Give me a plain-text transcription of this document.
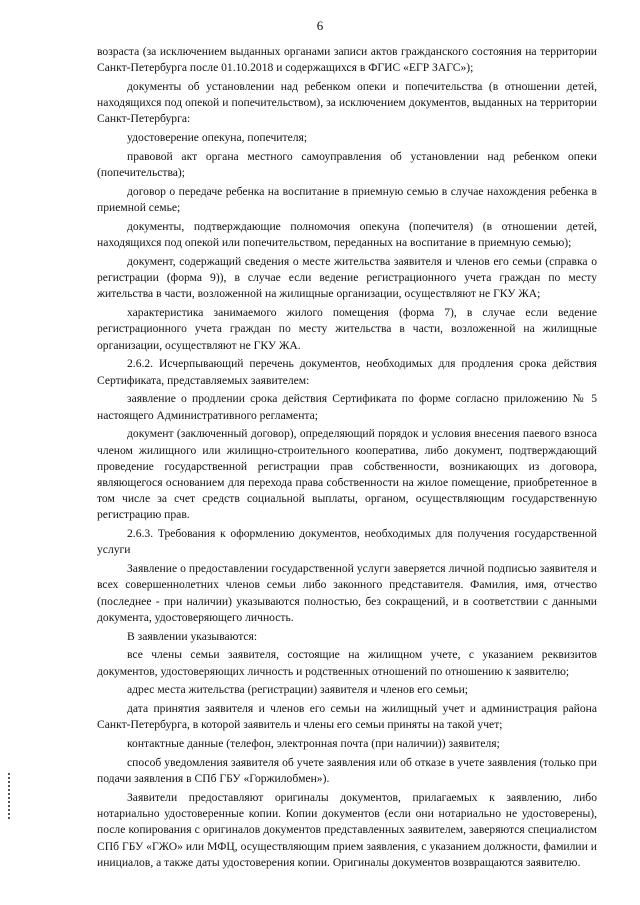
6

возраста (за исключением выданных органами записи актов гражданского состояния на территории Санкт-Петербурга после 01.10.2018 и содержащихся в ФГИС «ЕГР ЗАГС»);

документы об установлении над ребенком опеки и попечительства (в отношении детей, находящихся под опекой и попечительством), за исключением документов, выданных на территории Санкт-Петербурга:

удостоверение опекуна, попечителя;

правовой акт органа местного самоуправления об установлении над ребенком опеки (попечительства);

договор о передаче ребенка на воспитание в приемную семью в случае нахождения ребенка в приемной семье;

документы, подтверждающие полномочия опекуна (попечителя) (в отношении детей, находящихся под опекой или попечительством, переданных на воспитание в приемную семью);

документ, содержащий сведения о месте жительства заявителя и членов его семьи (справка о регистрации (форма 9)), в случае если ведение регистрационного учета граждан по месту жительства в части, возложенной на жилищные организации, осуществляют не ГКУ ЖА;

характеристика занимаемого жилого помещения (форма 7), в случае если ведение регистрационного учета граждан по месту жительства в части, возложенной на жилищные организации, осуществляют не ГКУ ЖА.

2.6.2. Исчерпывающий перечень документов, необходимых для продления срока действия Сертификата, представляемых заявителем:

заявление о продлении срока действия Сертификата по форме согласно приложению № 5 настоящего Административного регламента;

документ (заключенный договор), определяющий порядок и условия внесения паевого взноса членом жилищного или жилищно-строительного кооператива, либо документ, подтверждающий проведение государственной регистрации прав собственности, возникающих из договора, являющегося основанием для перехода права собственности на жилое помещение, приобретенное в том числе за счет средств социальной выплаты, органом, осуществляющим государственную регистрацию прав.

2.6.3. Требования к оформлению документов, необходимых для получения государственной услуги

Заявление о предоставлении государственной услуги заверяется личной подписью заявителя и всех совершеннолетних членов семьи либо законного представителя. Фамилия, имя, отчество (последнее - при наличии) указываются полностью, без сокращений, и в соответствии с данными документа, удостоверяющего личность.

В заявлении указываются:

все члены семьи заявителя, состоящие на жилищном учете, с указанием реквизитов документов, удостоверяющих личность и родственных отношений по отношению к заявителю;

адрес места жительства (регистрации) заявителя и членов его семьи;

дата принятия заявителя и членов его семьи на жилищный учет и администрация района Санкт-Петербурга, в которой заявитель и члены его семьи приняты на такой учет;

контактные данные (телефон, электронная почта (при наличии)) заявителя;

способ уведомления заявителя об учете заявления или об отказе в учете заявления (только при подачи заявления в СПб ГБУ «Горжилобмен»).

Заявители предоставляют оригиналы документов, прилагаемых к заявлению, либо нотариально удостоверенные копии. Копии документов (если они нотариально не удостоверены), после копирования с оригиналов документов представленных заявителем, заверяются специалистом СПб ГБУ «ГЖО» или МФЦ, осуществляющим прием заявления, с указанием должности, фамилии и инициалов, а также даты удостоверения копии. Оригиналы документов возвращаются заявителю.
